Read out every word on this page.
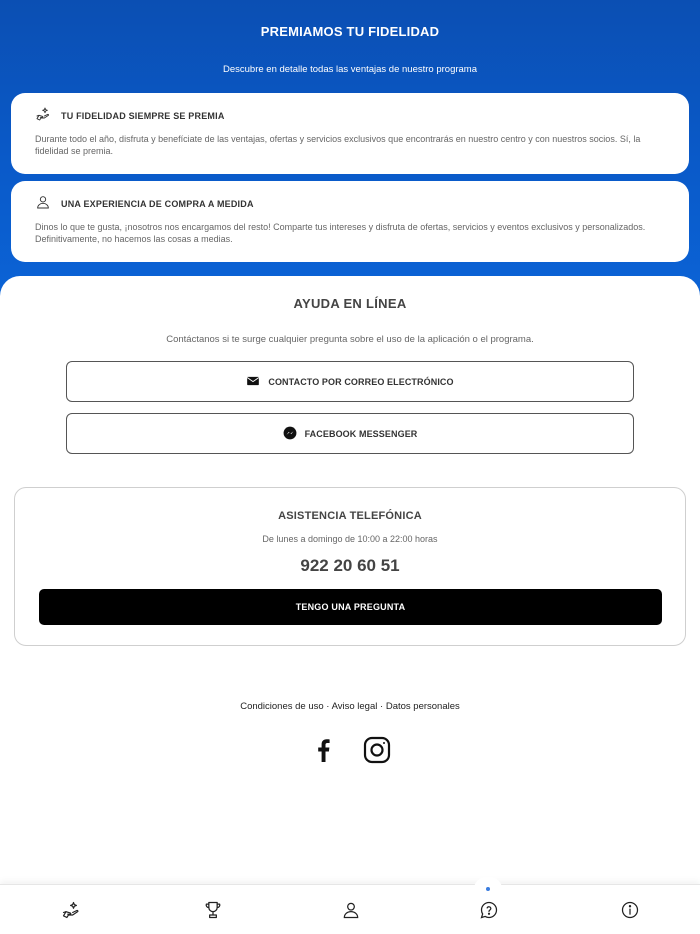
PREMIAMOS TU FIDELIDAD
Descubre en detalle todas las ventajas de nuestro programa
TU FIDELIDAD SIEMPRE SE PREMIA
Durante todo el año, disfruta y benefíciate de las ventajas, ofertas y servicios exclusivos que encontrarás en nuestro centro y con nuestros socios. Sí, la fidelidad se premia.
UNA EXPERIENCIA DE COMPRA A MEDIDA
Dinos lo que te gusta, ¡nosotros nos encargamos del resto! Comparte tus intereses y disfruta de ofertas, servicios y eventos exclusivos y personalizados. Definitivamente, no hacemos las cosas a medias.
AYUDA EN LÍNEA
Contáctanos si te surge cualquier pregunta sobre el uso de la aplicación o el programa.
CONTACTO POR CORREO ELECTRÓNICO
FACEBOOK MESSENGER
ASISTENCIA TELEFÓNICA
De lunes a domingo de 10:00 a 22:00 horas
922 20 60 51
TENGO UNA PREGUNTA
Condiciones de uso · Aviso legal · Datos personales
